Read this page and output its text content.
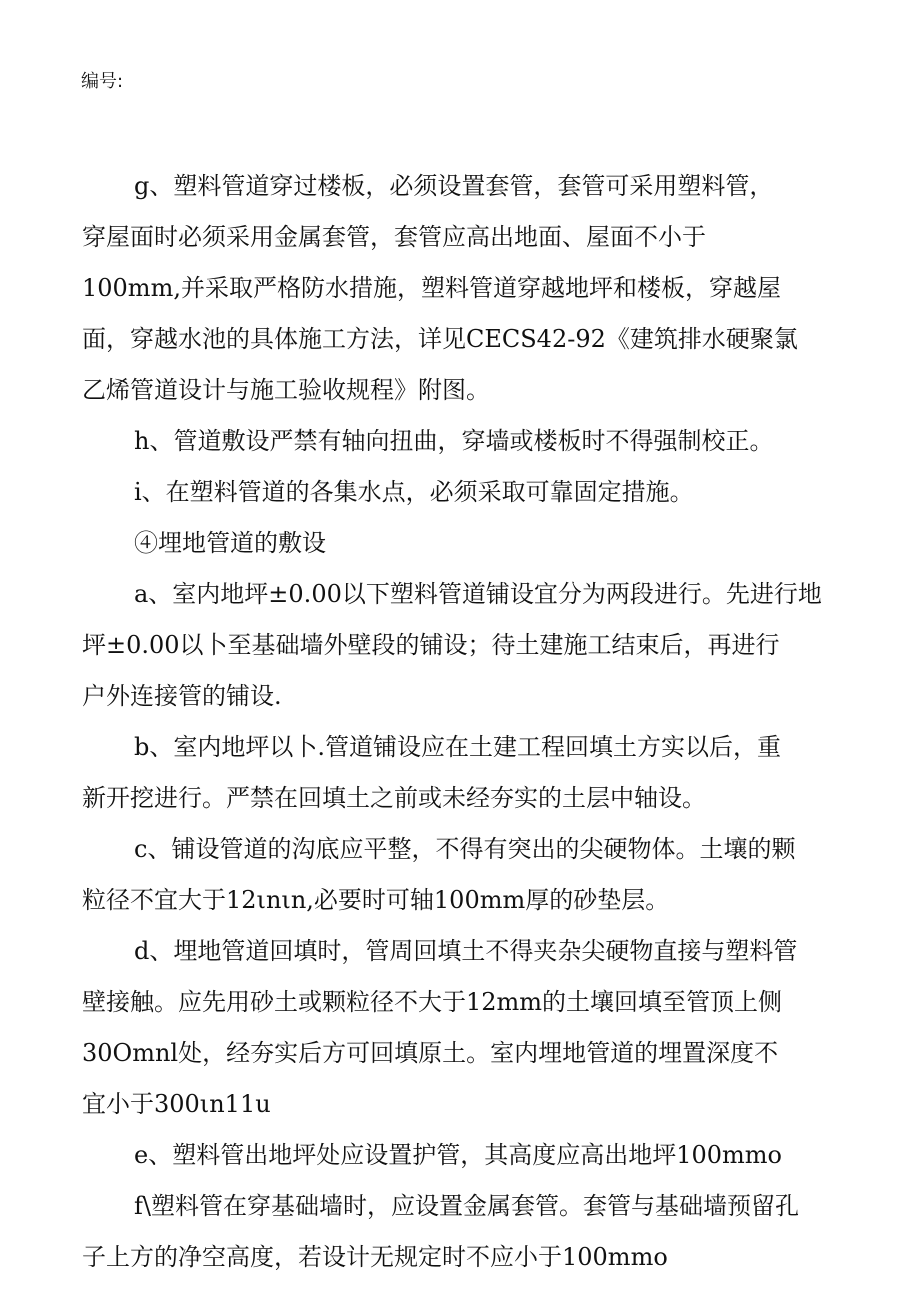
编号:

g、塑料管道穿过楼板，必须设置套管，套管可采用塑料管，
穿屋面时必须采用金属套管，套管应高出地面、屋面不小于
100mm,并采取严格防水措施，塑料管道穿越地坪和楼板，穿越屋
面，穿越水池的具体施工方法，详见CECS42-92《建筑排水硬聚氯
乙烯管道设计与施工验收规程》附图。

h、管道敷设严禁有轴向扭曲，穿墙或楼板时不得强制校正。

i、在塑料管道的各集水点，必须采取可靠固定措施。

④埋地管道的敷设

a、室内地坪±0.00以下塑料管道铺设宜分为两段进行。先进行地
坪±0.00以卜至基础墙外壁段的铺设；待土建施工结束后，再进行
户外连接管的铺设.

b、室内地坪以卜.管道铺设应在土建工程回填土方实以后，重
新开挖进行。严禁在回填土之前或未经夯实的土层中轴设。

c、铺设管道的沟底应平整，不得有突出的尖硬物体。土壤的颗
粒径不宜大于12ιnιn,必要时可轴100mm厚的砂垫层。

d、埋地管道回填时，管周回填土不得夹杂尖硬物直接与塑料管
壁接触。应先用砂土或颗粒径不大于12mm的土壤回填至管顶上侧
30Omnl处，经夯实后方可回填原土。室内埋地管道的埋置深度不
宜小于300ιn11u

e、塑料管出地坪处应设置护管，其高度应高出地坪100mmo

f\塑料管在穿基础墙时，应设置金属套管。套管与基础墙预留孔
子上方的净空高度，若设计无规定时不应小于100mmo
